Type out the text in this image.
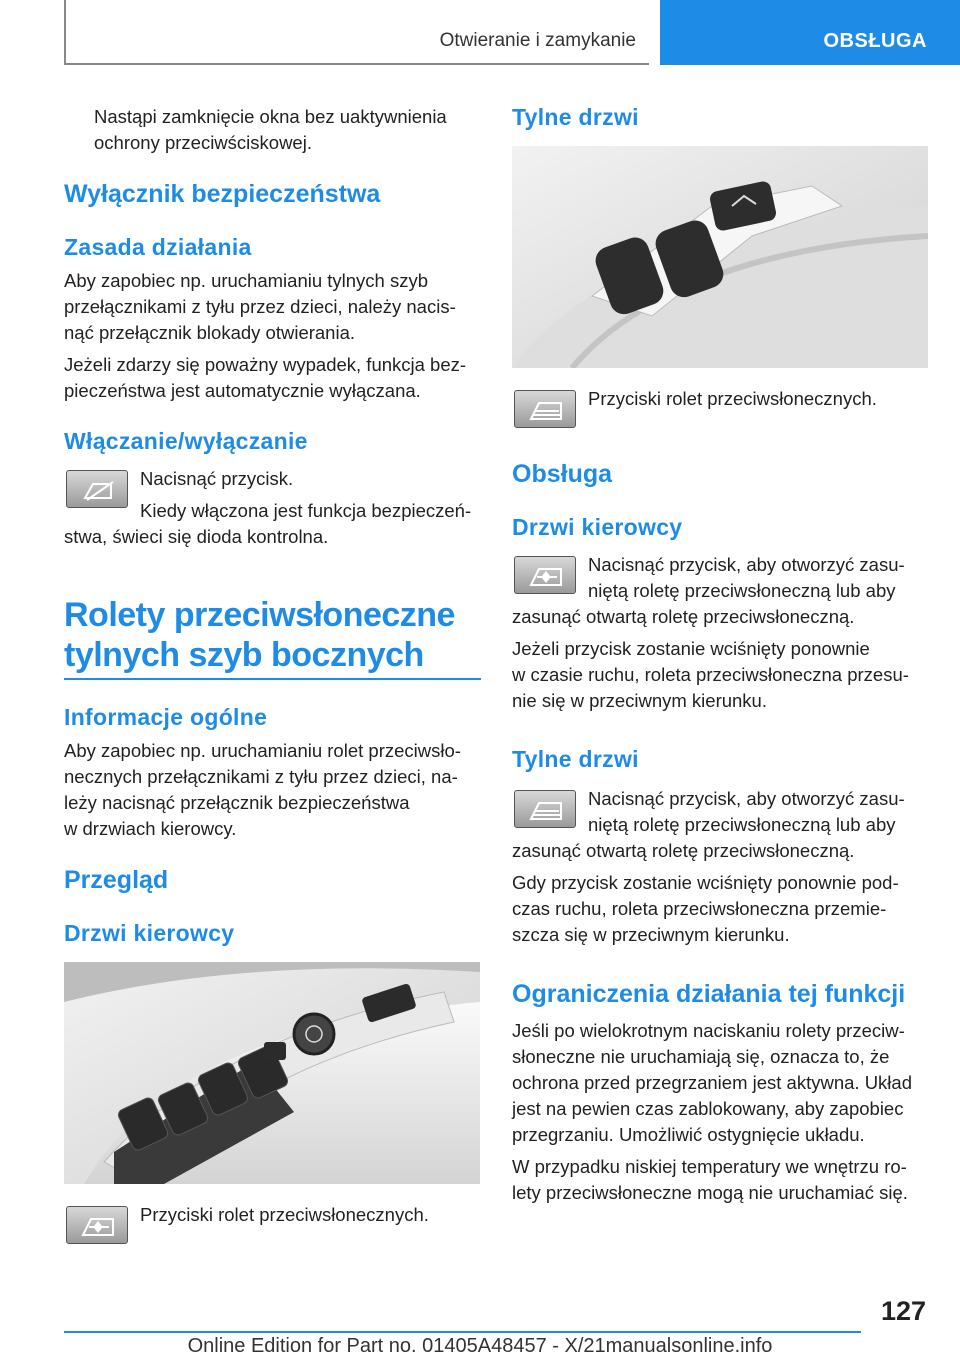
Otwieranie i zamykanie	OBSŁUGA
Nastąpi zamknięcie okna bez uaktywnienia
ochrony przeciwściskowej.
Wyłącznik bezpieczeństwa
Zasada działania
Aby zapobiec np. uruchamianiu tylnych szyb
przełącznikami z tyłu przez dzieci, należy nacis-
nąć przełącznik blokady otwierania.
Jeżeli zdarzy się poważny wypadek, funkcja bez-
pieczeństwa jest automatycznie wyłączana.
Włączanie/wyłączanie
Nacisnąć przycisk.
Kiedy włączona jest funkcja bezpieczeń-
stwa, świeci się dioda kontrolna.
Rolety przeciwsłoneczne
tylnych szyb bocznych
Informacje ogólne
Aby zapobiec np. uruchamianiu rolet przeciwsło-
necznych przełącznikami z tyłu przez dzieci, na-
leży nacisnąć przełącznik bezpieczeństwa
w drzwiach kierowcy.
Przegląd
Drzwi kierowcy
Przyciski rolet przeciwsłonecznych.
Tylne drzwi
Przyciski rolet przeciwsłonecznych.
Obsługa
Drzwi kierowcy
Nacisnąć przycisk, aby otworzyć zasu-
niętą roletę przeciwsłoneczną lub aby
zasunąć otwartą roletę przeciwsłoneczną.
Jeżeli przycisk zostanie wciśnięty ponownie
w czasie ruchu, roleta przeciwsłoneczna przesu-
nie się w przeciwnym kierunku.
Tylne drzwi
Nacisnąć przycisk, aby otworzyć zasu-
niętą roletę przeciwsłoneczną lub aby
zasunąć otwartą roletę przeciwsłoneczną.
Gdy przycisk zostanie wciśnięty ponownie pod-
czas ruchu, roleta przeciwsłoneczna przemie-
szcza się w przeciwnym kierunku.
Ograniczenia działania tej funkcji
Jeśli po wielokrotnym naciskaniu rolety przeciw-
słoneczne nie uruchamiają się, oznacza to, że
ochrona przed przegrzaniem jest aktywna. Układ
jest na pewien czas zablokowany, aby zapobiec
przegrzaniu. Umożliwić ostygnięcie układu.
W przypadku niskiej temperatury we wnętrzu ro-
lety przeciwsłoneczne mogą nie uruchamiać się.
127
Online Edition for Part no. 01405A48457 - X/21manualsonline.info
